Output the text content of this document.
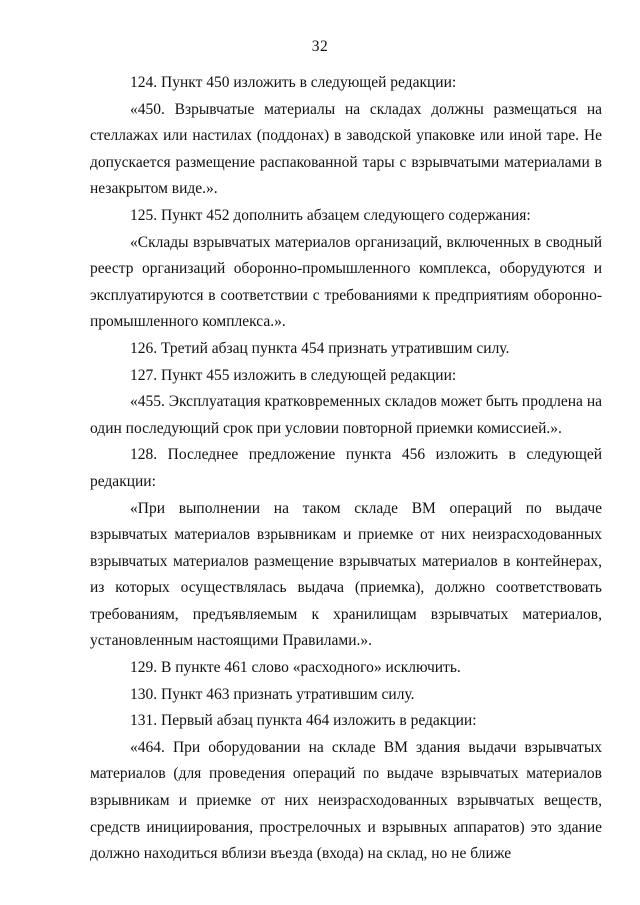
32

124. Пункт 450 изложить в следующей редакции:

«450. Взрывчатые материалы на складах должны размещаться на стеллажах или настилах (поддонах) в заводской упаковке или иной таре. Не допускается размещение распакованной тары с взрывчатыми материалами в незакрытом виде.».

125. Пункт 452 дополнить абзацем следующего содержания:

«Склады взрывчатых материалов организаций, включенных в сводный реестр организаций оборонно-промышленного комплекса, оборудуются и эксплуатируются в соответствии с требованиями к предприятиям оборонно-промышленного комплекса.».

126. Третий абзац пункта 454 признать утратившим силу.

127. Пункт 455 изложить в следующей редакции:

«455. Эксплуатация кратковременных складов может быть продлена на один последующий срок при условии повторной приемки комиссией.».

128. Последнее предложение пункта 456 изложить в следующей редакции:

«При выполнении на таком складе ВМ операций по выдаче взрывчатых материалов взрывникам и приемке от них неизрасходованных взрывчатых материалов размещение взрывчатых материалов в контейнерах, из которых осуществлялась выдача (приемка), должно соответствовать требованиям, предъявляемым к хранилищам взрывчатых материалов, установленным настоящими Правилами.».

129. В пункте 461 слово «расходного» исключить.

130. Пункт 463 признать утратившим силу.

131. Первый абзац пункта 464 изложить в редакции:

«464. При оборудовании на складе ВМ здания выдачи взрывчатых материалов (для проведения операций по выдаче взрывчатых материалов взрывникам и приемке от них неизрасходованных взрывчатых веществ, средств инициирования, прострелочных и взрывных аппаратов) это здание должно находиться вблизи въезда (входа) на склад, но не ближе
